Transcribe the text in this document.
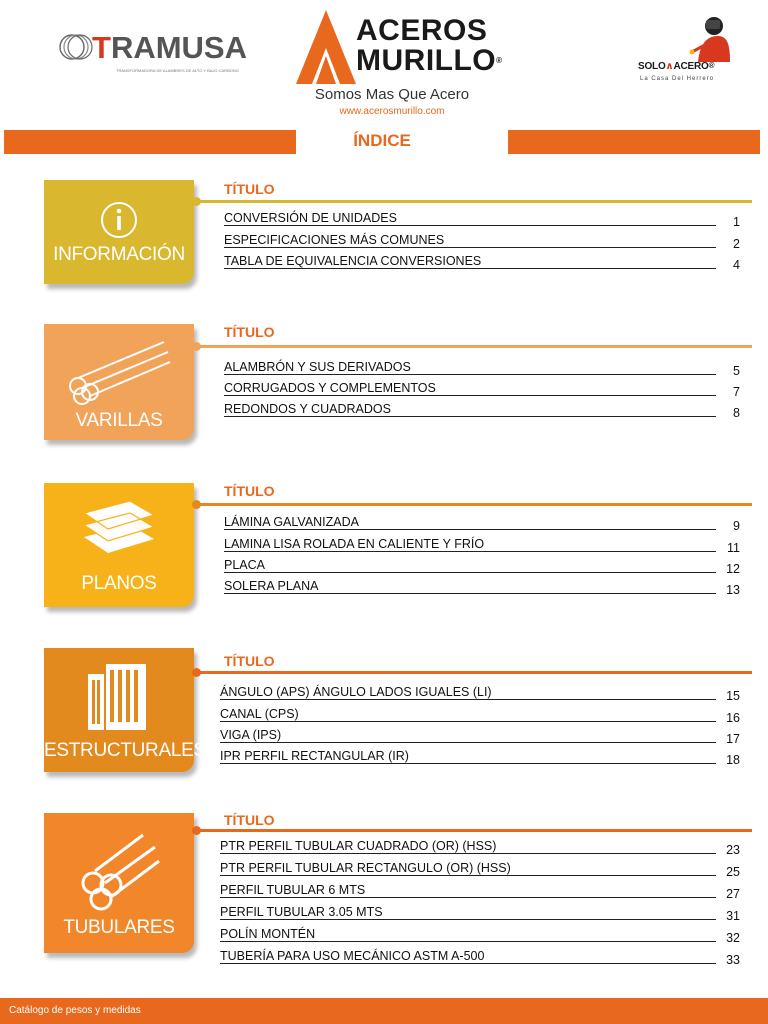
TRAMUSA
TRANSFORMADORA DE ALAMBRES DE ALTO Y BAJO CARBONO
ACEROS
MURILLO®
Somos Mas Que Acero
www.acerosmurillo.com
SOLO∧ACERO®
La Casa Del Herrero
ÍNDICE
INFORMACIÓN
TÍTULO
CONVERSIÓN DE UNIDADES	1
ESPECIFICACIONES MÁS COMUNES	2
TABLA DE EQUIVALENCIA CONVERSIONES	4
VARILLAS
TÍTULO
ALAMBRÓN Y SUS DERIVADOS	5
CORRUGADOS Y COMPLEMENTOS	7
REDONDOS Y CUADRADOS	8
PLANOS
TÍTULO
LÁMINA GALVANIZADA	9
LAMINA LISA ROLADA EN CALIENTE Y FRÍO	11
PLACA	12
SOLERA PLANA	13
ESTRUCTURALES
TÍTULO
ÁNGULO (APS) ÁNGULO LADOS IGUALES (LI)	15
CANAL (CPS)	16
VIGA (IPS)	17
IPR PERFIL RECTANGULAR (IR)	18
TUBULARES
TÍTULO
PTR PERFIL TUBULAR CUADRADO (OR) (HSS)	23
PTR PERFIL TUBULAR RECTANGULO (OR) (HSS)	25
PERFIL TUBULAR 6 MTS	27
PERFIL TUBULAR 3.05 MTS	31
POLÍN MONTÉN	32
TUBERÍA PARA USO MECÁNICO ASTM A-500	33
Catálogo de pesos y medidas
